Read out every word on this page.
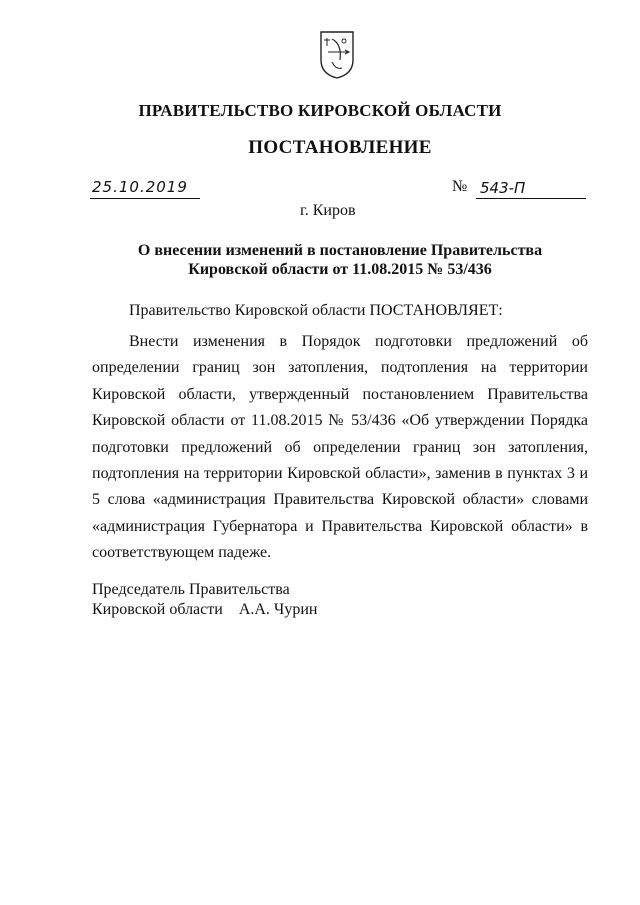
ПРАВИТЕЛЬСТВО КИРОВСКОЙ ОБЛАСТИ
ПОСТАНОВЛЕНИЕ
25.10.2019	№ 543-П
г. Киров
О внесении изменений в постановление Правительства
Кировской области от 11.08.2015 № 53/436
Правительство Кировской области ПОСТАНОВЛЯЕТ:

Внести изменения в Порядок подготовки предложений об определении границ зон затопления, подтопления на территории Кировской области, утвержденный постановлением Правительства Кировской области от 11.08.2015 № 53/436 «Об утверждении Порядка подготовки предложений об определении границ зон затопления, подтопления на территории Кировской области», заменив в пунктах 3 и 5 слова «администрация Правительства Кировской области» словами «администрация Губернатора и Правительства Кировской области» в соответствующем падеже.

Председатель Правительства
Кировской области А.А. Чурин
